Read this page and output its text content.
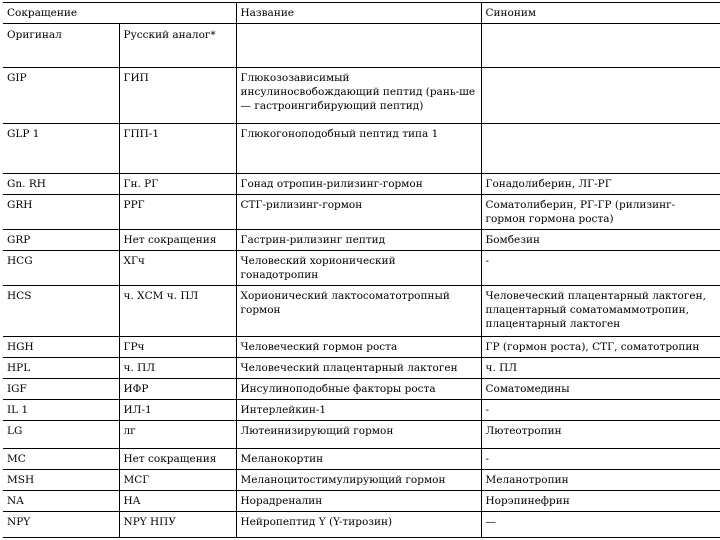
Сокращение		Название	Синоним
Оригинал	Русский аналог*		
GIP	ГИП	Глюкозозависимый инсулиносвобождающий пептид (рань-ше — гастроингибирующий пептид)	
GLP 1	ГПП-1	Глюкогоноподобный пептид типа 1	
Gn. RH	Гн. РГ	Гонад отропин-рилизинг-гормон	Гонадолиберин, ЛГ-РГ
GRH	РРГ	СТГ-рилизинг-гормон	Соматолиберин, РГ-ГР (рилизинг-гормон гормона роста)
GRP	Нет сокращения	Гастрин-рилизинг пептид	Бомбезин
HCG	ХГч	Человеский хорионический гонадотропин	-
HCS	ч. ХСМ ч. ПЛ	Хорионический лактосоматотропный гормон	Человеческий плацентарный лактоген, плацентарный соматомаммотропин, плацентарный лактоген
HGH	ГРч	Человеческий гормон роста	ГР (гормон роста), СТГ, соматотропин
HPL	ч. ПЛ	Человеческий плацентарный лактоген	ч. ПЛ
IGF	ИФР	Инсулиноподобные факторы роста	Соматомедины
IL 1	ИЛ-1	Интерлейкин-1	-
LG	лг	Лютеинизирующий гормон	Лютеотропин
MC	Нет сокращения	Меланокортин	-
MSH	МСГ	Меланоцитостимулирующий гормон	Меланотропин
NA	НА	Норадреналин	Норэпинефрин
NPY	NPY НПУ	Нейропептид Y (Y-тирозин)	—
